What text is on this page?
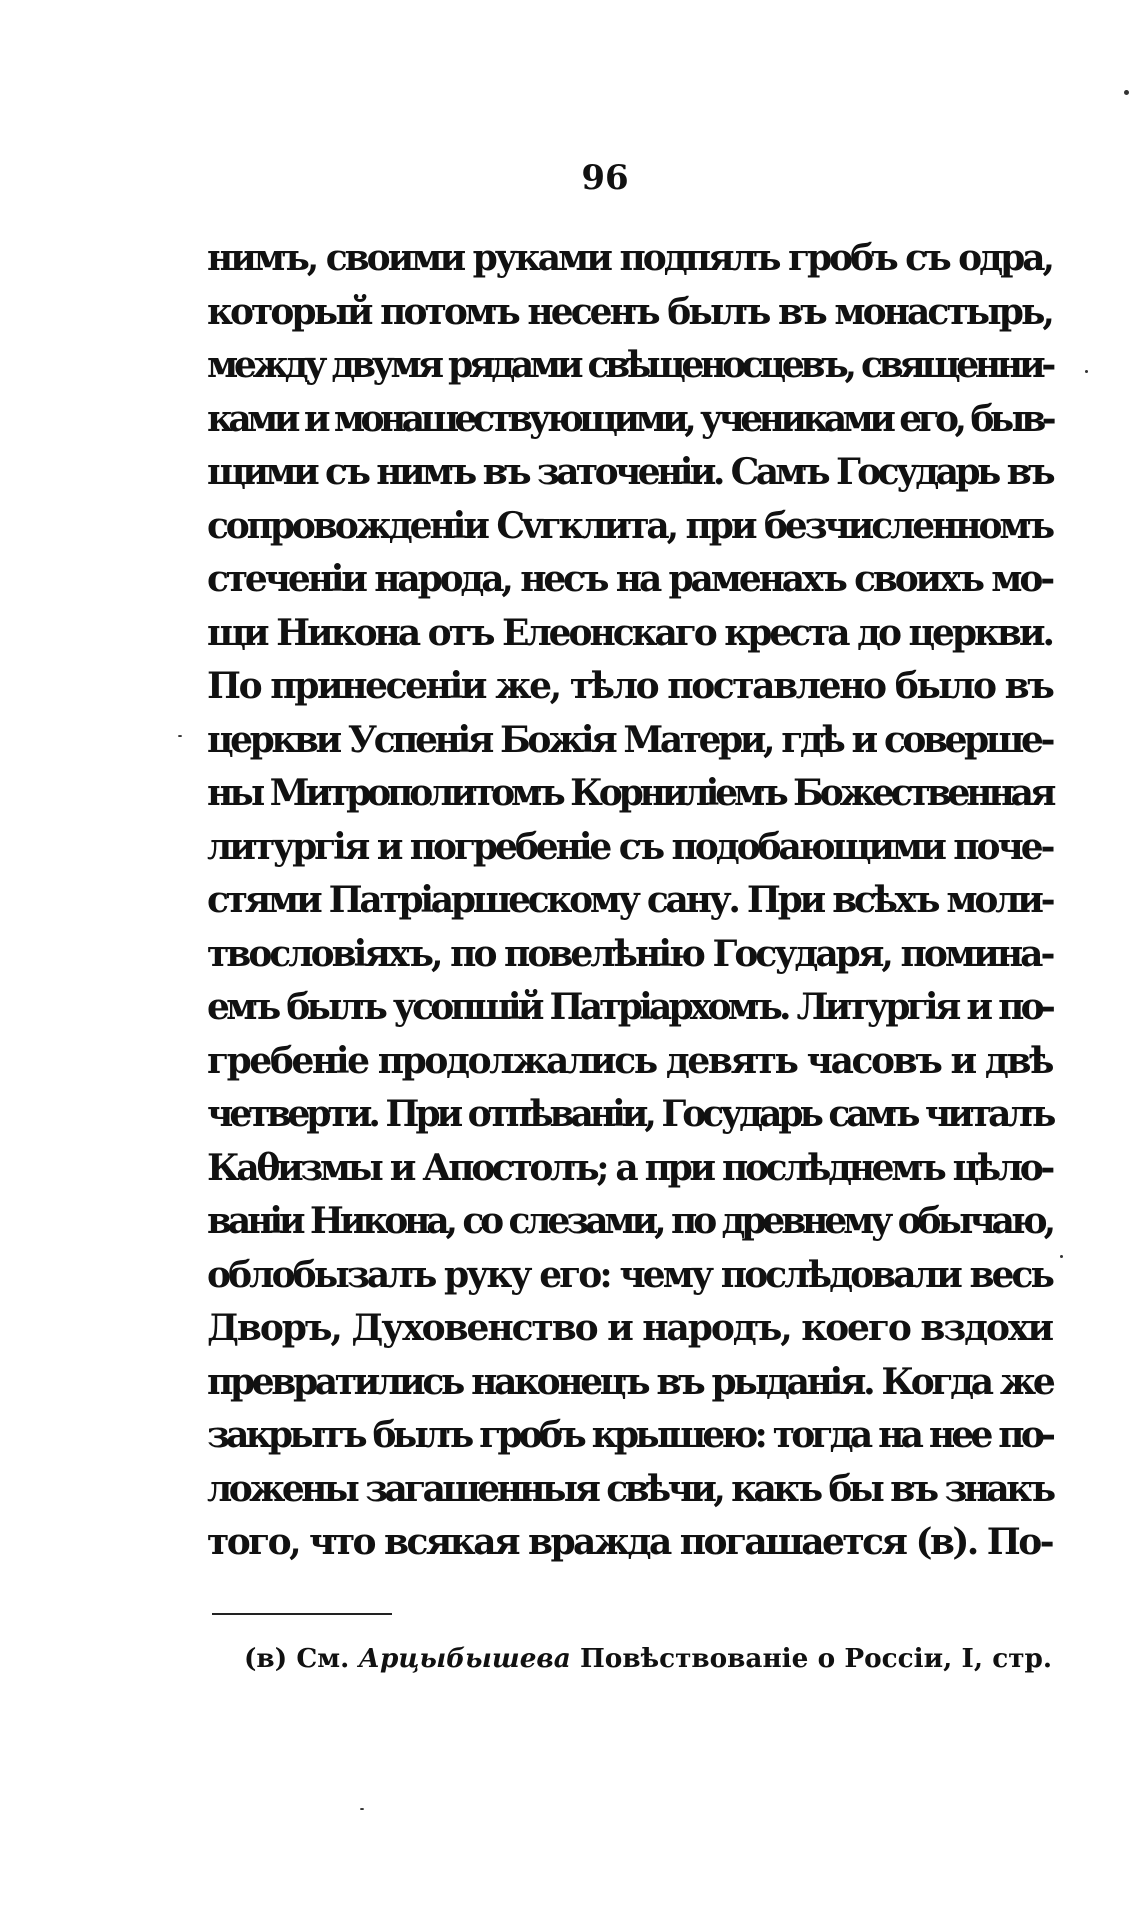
96
нимъ, своими руками подпялъ гробъ съ одра,
который потомъ несенъ былъ въ монастырь,
между двумя рядами свѣщеносцевъ, священни-
ками и монашествующими, учениками его, быв-
щими съ нимъ въ заточенiи. Самъ Государь въ
сопровожденiи Сvгклита, при безчисленномъ
стеченiи народа, несъ на раменахъ своихъ мо-
щи Никона отъ Елеонскаго креста до церкви.
По принесенiи же, тѣло поставлено было въ
церкви Успенiя Божiя Матери, гдѣ и соверше-
ны Митрополитомъ Корнилiемъ Божественная
литургiя и погребенiе съ подобающими поче-
стями Патрiаршескому сану. При всѣхъ моли-
твословiяхъ, по повелѣнiю Государя, помина-
емъ былъ усопшiй Патрiархомъ. Литургiя и по-
гребенiе продолжались девять часовъ и двѣ
четверти. При отпѣванiи, Государь самъ читалъ
Каθизмы и Апостолъ; а при послѣднемъ цѣло-
ванiи Никона, со слезами, по древнему обычаю,
облобызалъ руку его: чему послѣдовали весь
Дворъ, Духовенство и народъ, коего вздохи
превратились наконецъ въ рыданiя. Когда же
закрытъ былъ гробъ крышею: тогда на нее по-
ложены загашенныя свѣчи, какъ бы въ знакъ
того, что всякая вражда погашается (в). По-
(в) См. Арцыбышева Повѣствованiе о Россiи, I, стр.
